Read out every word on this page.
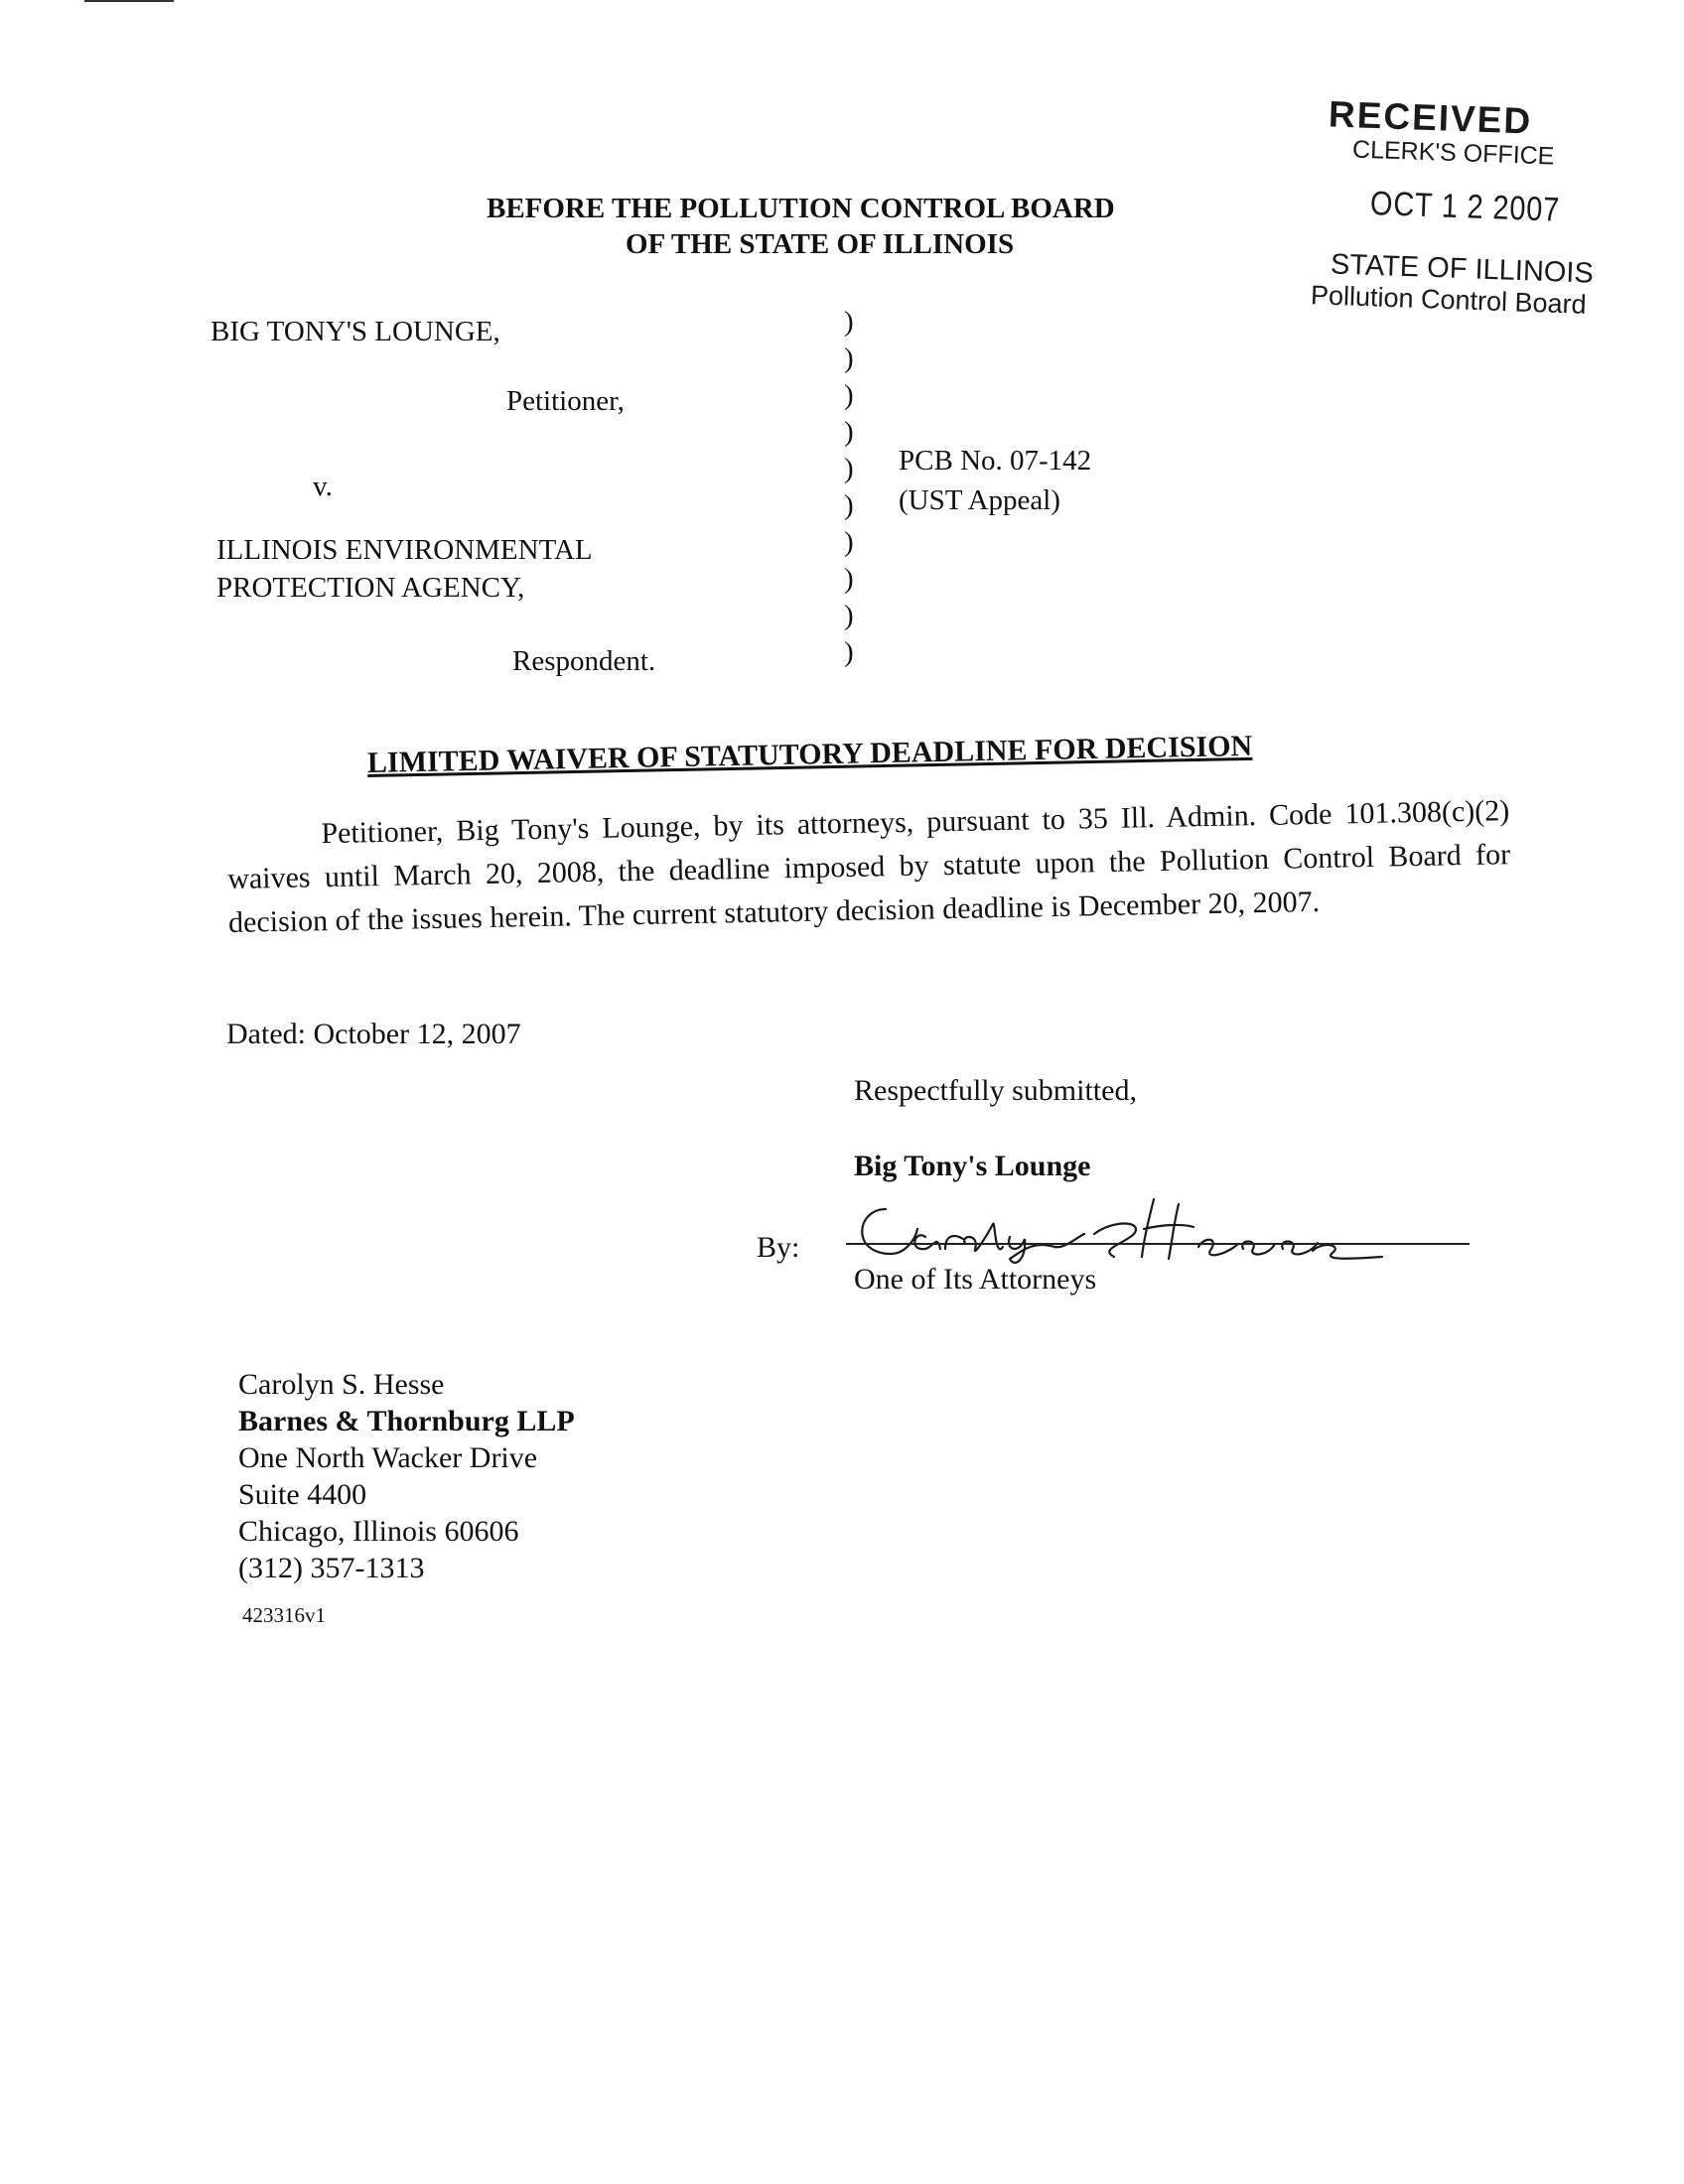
RECEIVED
CLERK'S OFFICE
OCT 1 2 2007
STATE OF ILLINOIS
Pollution Control Board
BEFORE THE POLLUTION CONTROL BOARD
OF THE STATE OF ILLINOIS
BIG TONY'S LOUNGE,
Petitioner,
v.
ILLINOIS ENVIRONMENTAL
PROTECTION AGENCY,
Respondent.
)
)
)
)
)
)
)
)
)
)
PCB No. 07-142
(UST Appeal)
LIMITED WAIVER OF STATUTORY DEADLINE FOR DECISION
Petitioner, Big Tony's Lounge, by its attorneys, pursuant to 35 Ill. Admin. Code 101.308(c)(2) waives until March 20, 2008, the deadline imposed by statute upon the Pollution Control Board for decision of the issues herein. The current statutory decision deadline is December 20, 2007.
Dated: October 12, 2007
Respectfully submitted,
Big Tony's Lounge
By:
One of Its Attorneys
Carolyn S. Hesse
Barnes & Thornburg LLP
One North Wacker Drive
Suite 4400
Chicago, Illinois 60606
(312) 357-1313
423316v1
